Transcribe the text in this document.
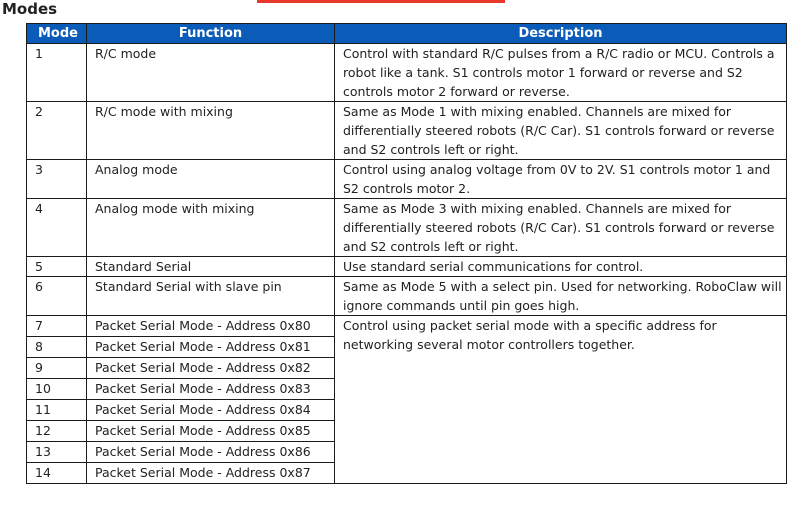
Modes
Mode	Function	Description
1	R/C mode	Control with standard R/C pulses from a R/C radio or MCU. Controls a robot like a tank. S1 controls motor 1 forward or reverse and S2 controls motor 2 forward or reverse.
2	R/C mode with mixing	Same as Mode 1 with mixing enabled. Channels are mixed for differentially steered robots (R/C Car). S1 controls forward or reverse and S2 controls left or right.
3	Analog mode	Control using analog voltage from 0V to 2V. S1 controls motor 1 and S2 controls motor 2.
4	Analog mode with mixing	Same as Mode 3 with mixing enabled. Channels are mixed for differentially steered robots (R/C Car). S1 controls forward or reverse and S2 controls left or right.
5	Standard Serial	Use standard serial communications for control.
6	Standard Serial with slave pin	Same as Mode 5 with a select pin. Used for networking. RoboClaw will ignore commands until pin goes high.
7	Packet Serial Mode - Address 0x80	Control using packet serial mode with a specific address for networking several motor controllers together.
8	Packet Serial Mode - Address 0x81	
9	Packet Serial Mode - Address 0x82	
10	Packet Serial Mode - Address 0x83	
11	Packet Serial Mode - Address 0x84	
12	Packet Serial Mode - Address 0x85	
13	Packet Serial Mode - Address 0x86	
14	Packet Serial Mode - Address 0x87	
